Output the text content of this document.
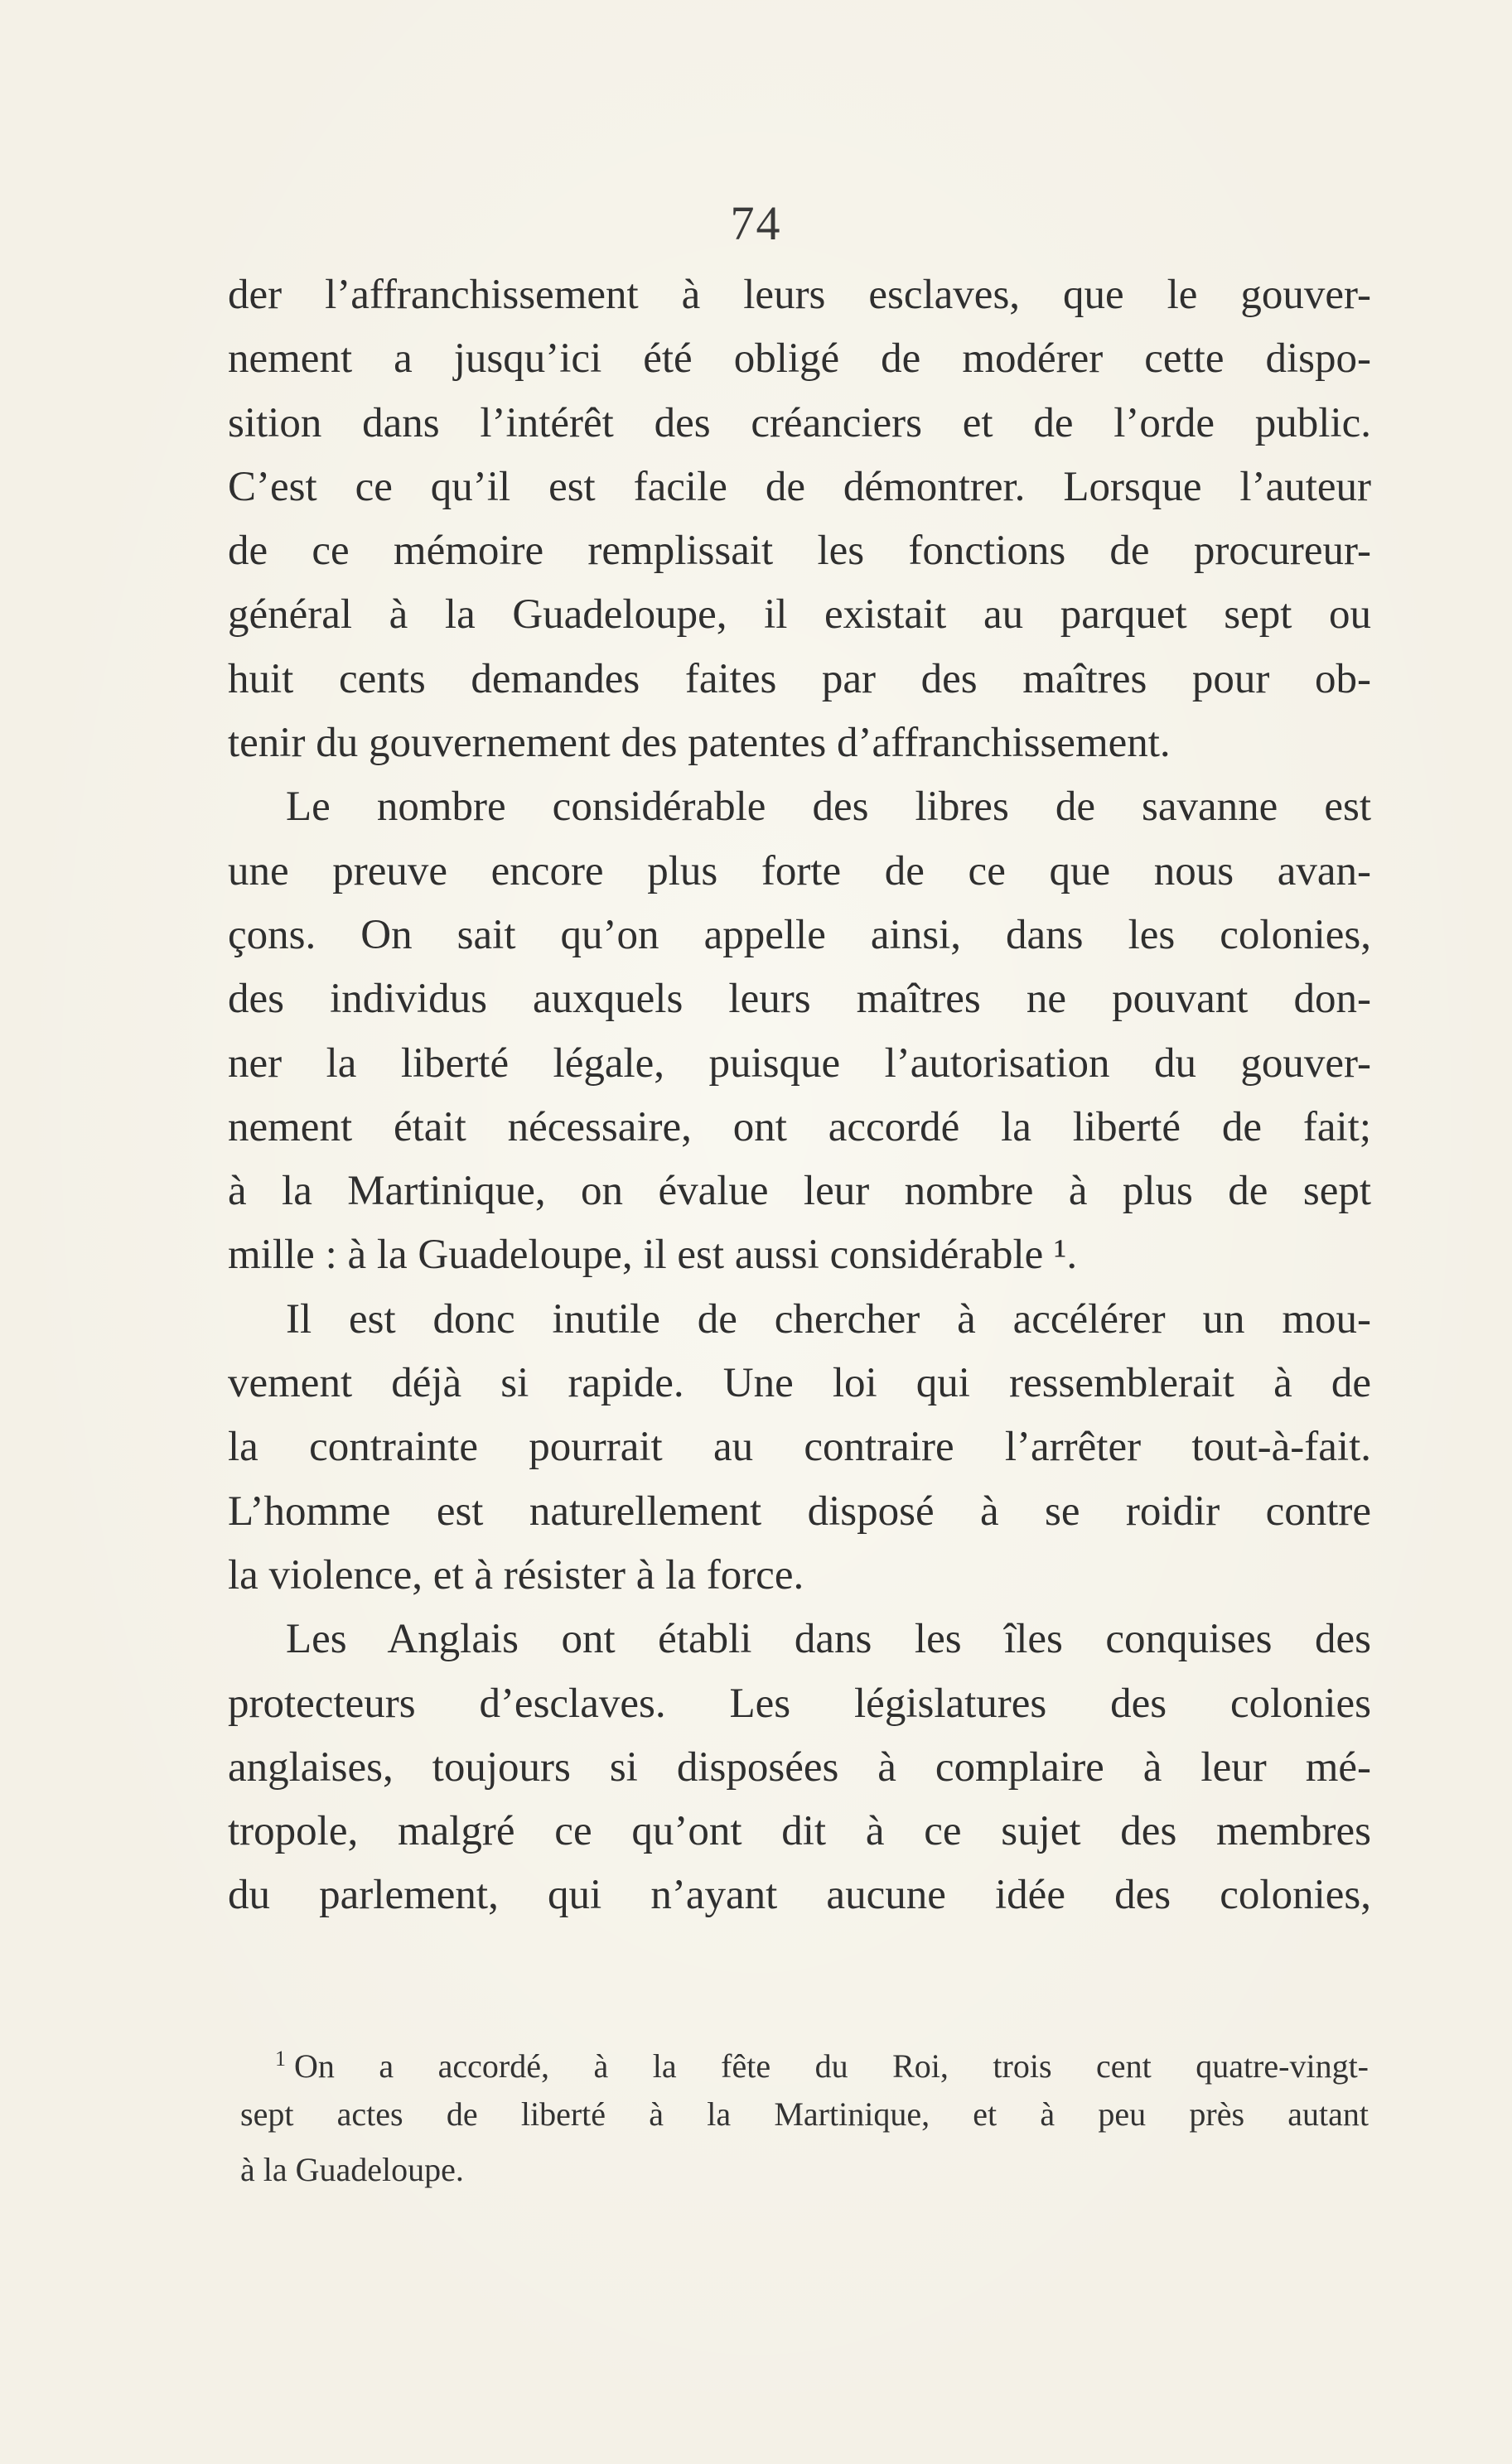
74
der l’affranchissement à leurs esclaves, que le gouver-
nement a jusqu’ici été obligé de modérer cette dispo-
sition dans l’intérêt des créanciers et de l’orde public.
C’est ce qu’il est facile de démontrer. Lorsque l’auteur
de ce mémoire remplissait les fonctions de procureur-
général à la Guadeloupe, il existait au parquet sept ou
huit cents demandes faites par des maîtres pour ob-
tenir du gouvernement des patentes d’affranchissement.
Le nombre considérable des libres de savanne est
une preuve encore plus forte de ce que nous avan-
çons. On sait qu’on appelle ainsi, dans les colonies,
des individus auxquels leurs maîtres ne pouvant don-
ner la liberté légale, puisque l’autorisation du gouver-
nement était nécessaire, ont accordé la liberté de fait;
à la Martinique, on évalue leur nombre à plus de sept
mille : à la Guadeloupe, il est aussi considérable ¹.
Il est donc inutile de chercher à accélérer un mou-
vement déjà si rapide. Une loi qui ressemblerait à de
la contrainte pourrait au contraire l’arrêter tout-à-fait.
L’homme est naturellement disposé à se roidir contre
la violence, et à résister à la force.
Les Anglais ont établi dans les îles conquises des
protecteurs d’esclaves. Les législatures des colonies
anglaises, toujours si disposées à complaire à leur mé-
tropole, malgré ce qu’ont dit à ce sujet des membres
du parlement, qui n’ayant aucune idée des colonies,
$^1$ On a accordé, à la fête du Roi, trois cent quatre-vingt-
sept actes de liberté à la Martinique, et à peu près autant
à la Guadeloupe.
